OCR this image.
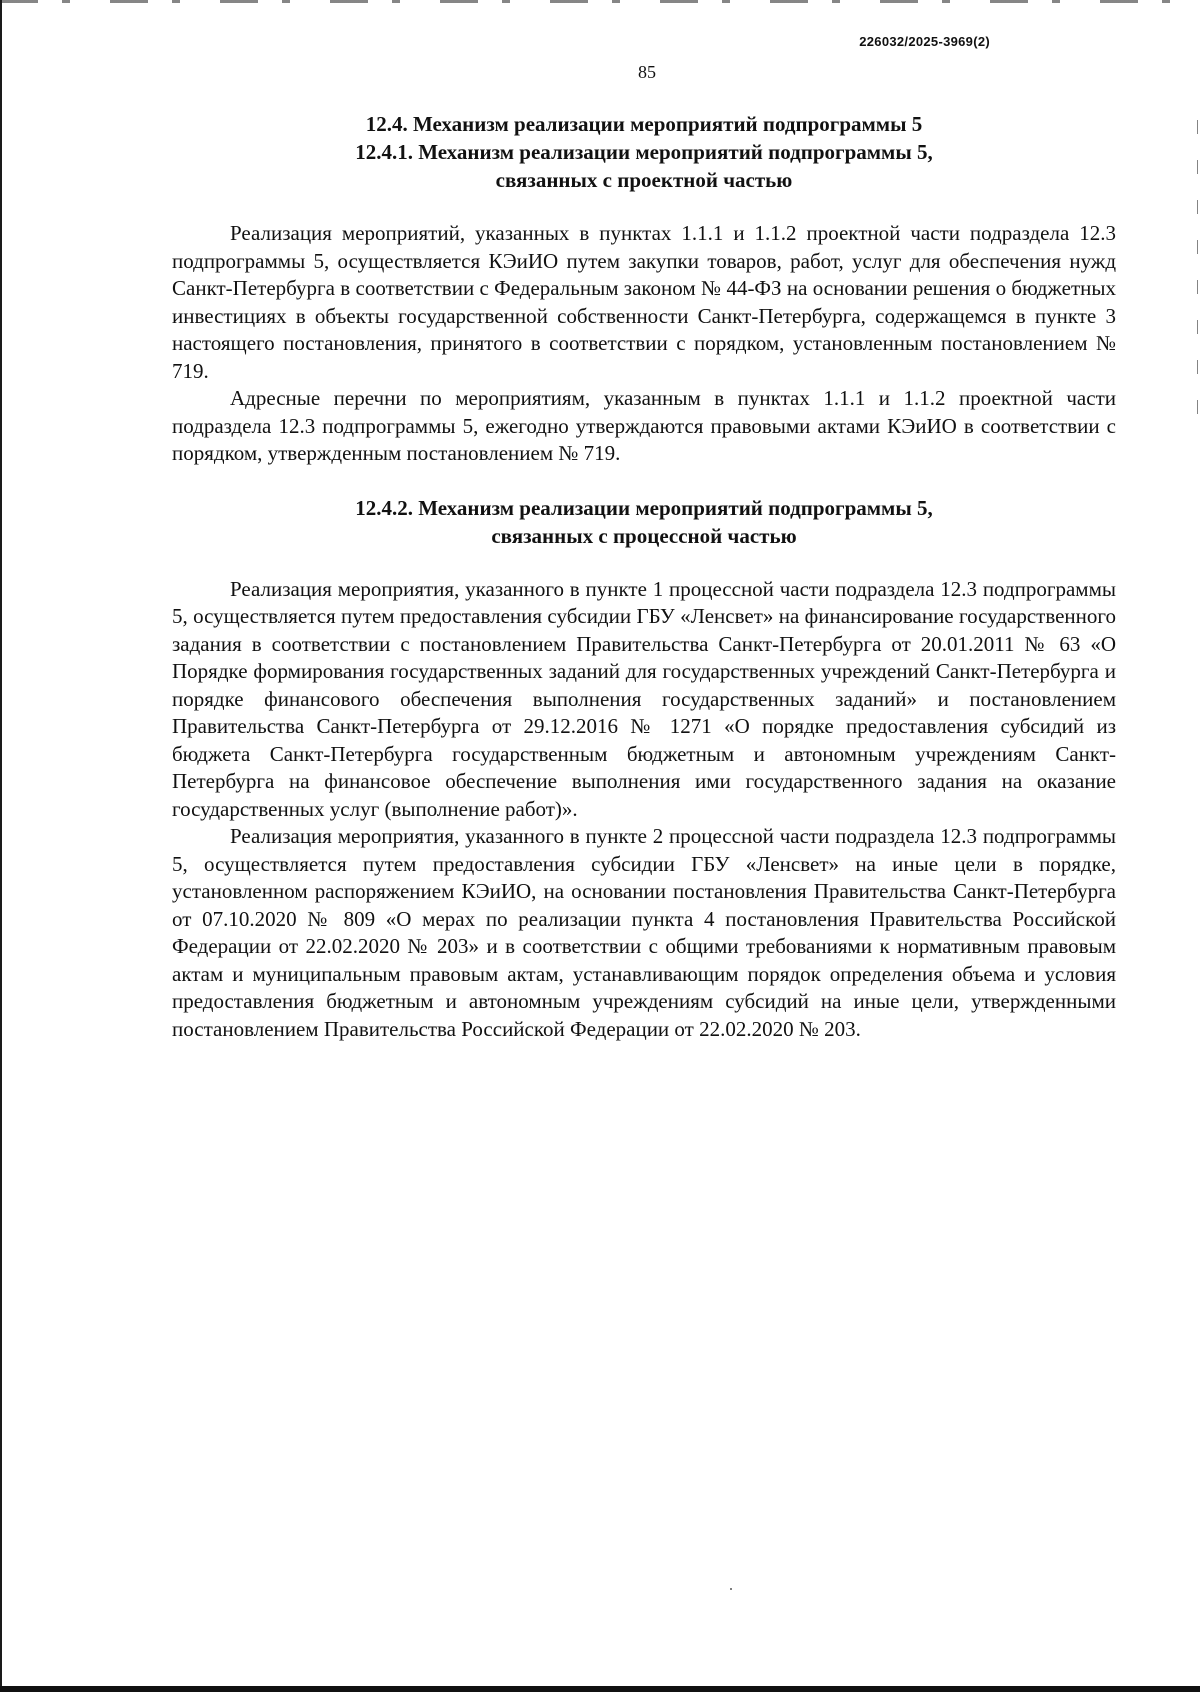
226032/2025-3969(2)
85

12.4. Механизм реализации мероприятий подпрограммы 5

12.4.1. Механизм реализации мероприятий подпрограммы 5,

связанных с проектной частью

Реализация мероприятий, указанных в пунктах 1.1.1 и 1.1.2 проектной части подраздела 12.3 подпрограммы 5, осуществляется КЭиИО путем закупки товаров, работ, услуг для обеспечения нужд Санкт-Петербурга в соответствии с Федеральным законом № 44-ФЗ на основании решения о бюджетных инвестициях в объекты государственной собственности Санкт-Петербурга, содержащемся в пункте 3 настоящего постановления, принятого в соответствии с порядком, установленным постановлением № 719.

Адресные перечни по мероприятиям, указанным в пунктах 1.1.1 и 1.1.2 проектной части подраздела 12.3 подпрограммы 5, ежегодно утверждаются правовыми актами КЭиИО в соответствии с порядком, утвержденным постановлением № 719.

12.4.2. Механизм реализации мероприятий подпрограммы 5,

связанных с процессной частью

Реализация мероприятия, указанного в пункте 1 процессной части подраздела 12.3 подпрограммы 5, осуществляется путем предоставления субсидии ГБУ «Ленсвет» на финансирование государственного задания в соответствии с постановлением Правительства Санкт-Петербурга от 20.01.2011 № 63 «О Порядке формирования государственных заданий для государственных учреждений Санкт-Петербурга и порядке финансового обеспечения выполнения государственных заданий» и постановлением Правительства Санкт-Петербурга от 29.12.2016 № 1271 «О порядке предоставления субсидий из бюджета Санкт-Петербурга государственным бюджетным и автономным учреждениям Санкт-Петербурга на финансовое обеспечение выполнения ими государственного задания на оказание государственных услуг (выполнение работ)».

Реализация мероприятия, указанного в пункте 2 процессной части подраздела 12.3 подпрограммы 5, осуществляется путем предоставления субсидии ГБУ «Ленсвет» на иные цели в порядке, установленном распоряжением КЭиИО, на основании постановления Правительства Санкт-Петербурга от 07.10.2020 № 809 «О мерах по реализации пункта 4 постановления Правительства Российской Федерации от 22.02.2020 № 203» и в соответствии с общими требованиями к нормативным правовым актам и муниципальным правовым актам, устанавливающим порядок определения объема и условия предоставления бюджетным и автономным учреждениям субсидий на иные цели, утвержденными постановлением Правительства Российской Федерации от 22.02.2020 № 203.
